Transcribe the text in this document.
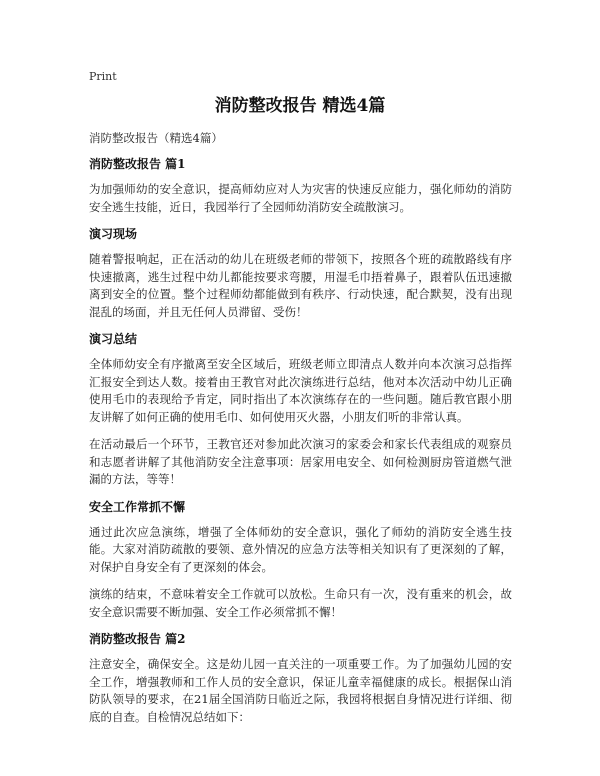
Print
消防整改报告 精选4篇
消防整改报告（精选4篇）
消防整改报告 篇1
为加强师幼的安全意识，提高师幼应对人为灾害的快速反应能力，强化师幼的消防安全逃生技能，近日，我园举行了全园师幼消防安全疏散演习。
演习现场
随着警报响起，正在活动的幼儿在班级老师的带领下，按照各个班的疏散路线有序快速撤离，逃生过程中幼儿都能按要求弯腰，用湿毛巾捂着鼻子，跟着队伍迅速撤离到安全的位置。整个过程师幼都能做到有秩序、行动快速，配合默契，没有出现混乱的场面，并且无任何人员滞留、受伤！
演习总结
全体师幼安全有序撤离至安全区域后，班级老师立即清点人数并向本次演习总指挥汇报安全到达人数。接着由王教官对此次演练进行总结，他对本次活动中幼儿正确使用毛巾的表现给予肯定，同时指出了本次演练存在的一些问题。随后教官跟小朋友讲解了如何正确的使用毛巾、如何使用灭火器，小朋友们听的非常认真。
在活动最后一个环节，王教官还对参加此次演习的家委会和家长代表组成的观察员和志愿者讲解了其他消防安全注意事项：居家用电安全、如何检测厨房管道燃气泄漏的方法，等等！
安全工作常抓不懈
通过此次应急演练，增强了全体师幼的安全意识，强化了师幼的消防安全逃生技能。大家对消防疏散的要领、意外情况的应急方法等相关知识有了更深刻的了解，对保护自身安全有了更深刻的体会。
演练的结束，不意味着安全工作就可以放松。生命只有一次，没有重来的机会，故安全意识需要不断加强、安全工作必须常抓不懈！
消防整改报告 篇2
注意安全，确保安全。这是幼儿园一直关注的一项重要工作。为了加强幼儿园的安全工作，增强教师和工作人员的安全意识，保证儿童幸福健康的成长。根据保山消防队领导的要求，在21届全国消防日临近之际，我园将根据自身情况进行详细、彻底的自查。自检情况总结如下：
